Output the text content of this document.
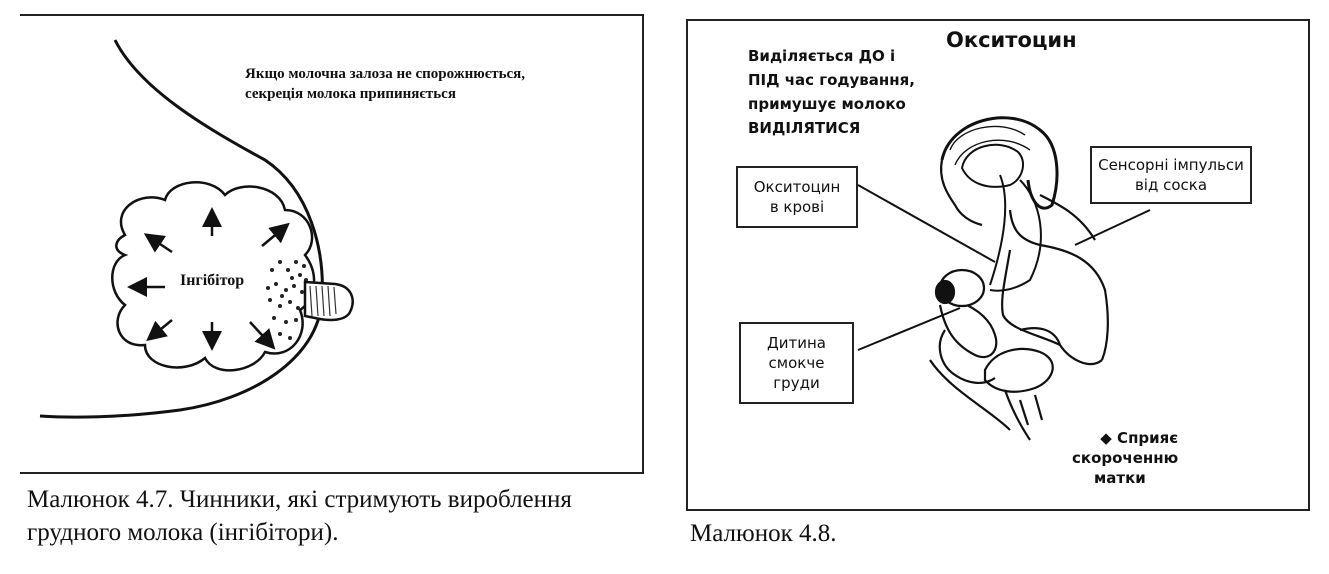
Якщо молочна залоза не спорожнюється,
секреція молока припиняється
Інгібітор
Малюнок 4.7. Чинники, які стримують вироблення
грудного молока (інгібітори).
Окситоцин
Виділяється ДО і
ПІД час годування,
примушує молоко
ВИДІЛЯТИСЯ
Окситоцин
в крові
Сенсорні імпульси
від соска
Дитина
смокче
груди
◆ Сприяє
скороченню
матки
Малюнок 4.8.
